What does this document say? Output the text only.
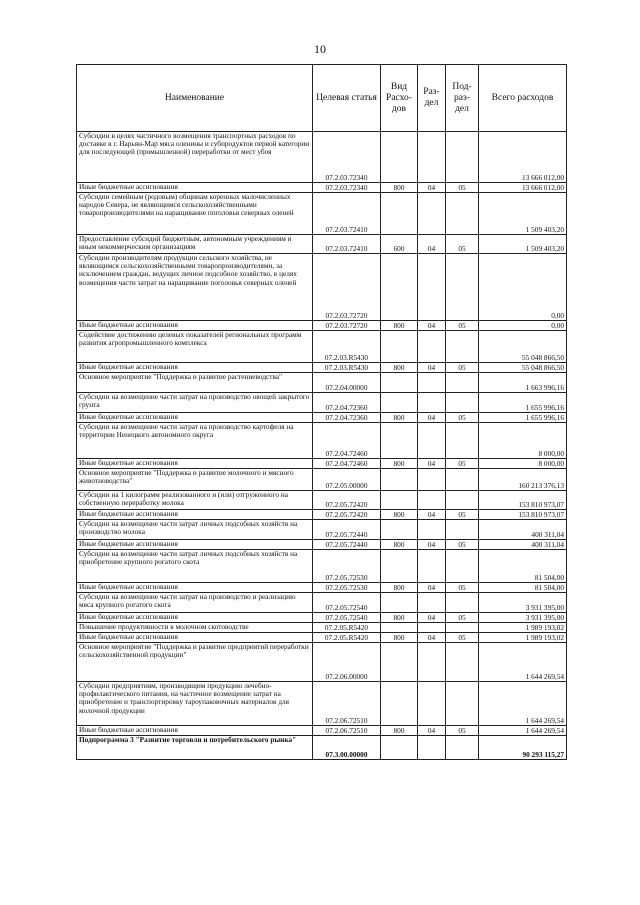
10
Наименование	Целевая статья	Вид Расхо- дов	Раз- дел	Под- раз- дел	Всего расходов
Субсидии в целях частичного возмещения транспортных расходов по доставке в г. Нарьян-Мар мяса оленины и субпродуктов первой категории для последующей (промышленной) переработки от мест убоя	07.2.03.72340				13 666 012,00
Иные бюджетные ассигнования	07.2.03.72340	800	04	05	13 666 012,00
Субсидии семейным (родовым) общинам коренных малочисленных народов Севера, не являющимся сельскохозяйственными товаропроизводителями на наращивание поголовья северных оленей	07.2.03.72410				1 509 403,20
Предоставление субсидий бюджетным, автономным учреждениям и иным некоммерческим организациям	07.2.03.72410	600	04	05	1 509 403,20
Субсидии производителям продукции сельского хозяйства, не являющимся сельскохозяйственными товаропроизводителями, за исключением граждан, ведущих личное подсобное хозяйство, в целях возмещения части затрат на наращивание поголовья северных оленей	07.2.03.72720				0,00
Иные бюджетные ассигнования	07.2.03.72720	800	04	05	0,00
Содействие достижению целевых показателей региональных программ развития агропромышленного комплекса	07.2.03.R5430				55 048 866,50
Иные бюджетные ассигнования	07.2.03.R5430	800	04	05	55 048 866,50
Основное мероприятие "Поддержка и развитие растениеводства"	07.2.04.00000				1 663 996,16
Субсидии на возмещение части затрат на производство овощей закрытого грунта	07.2.04.72360				1 655 996,16
Иные бюджетные ассигнования	07.2.04.72360	800	04	05	1 655 996,16
Субсидии на возмещение части затрат на производство картофеля на территории Ненецкого автономного округа	07.2.04.72460				8 000,00
Иные бюджетные ассигнования	07.2.04.72460	800	04	05	8 000,00
Основное мероприятие "Поддержка и развитие молочного и мясного животноводства"	07.2.05.00000				160 213 376,13
Субсидии на 1 килограмм реализованного и (или) отгруженного на собственную переработку молока	07.2.05.72420				153 810 973,07
Иные бюджетные ассигнования	07.2.05.72420	800	04	05	153 810 973,07
Субсидии на возмещение части затрат личных подсобных хозяйств на производство молока	07.2.05.72440				400 311,04
Иные бюджетные ассигнования	07.2.05.72440	800	04	05	400 311,04
Субсидии на возмещение части затрат личных подсобных хозяйств на приобретение крупного рогатого скота	07.2.05.72530				81 504,00
Иные бюджетные ассигнования	07.2.05.72530	800	04	05	81 504,00
Субсидии на возмещение части затрат на производство и реализацию мяса крупного рогатого скота	07.2.05.72540				3 931 395,00
Иные бюджетные ассигнования	07.2.05.72540	800	04	05	3 931 395,00
Повышение продуктивности в молочном скотоводстве	07.2.05.R5420				1 989 193,02
Иные бюджетные ассигнования	07.2.05.R5420	800	04	05	1 989 193,02
Основное мероприятие "Поддержка и развитие предприятий переработки сельскохозяйственной продукции"	07.2.06.00000				1 644 269,54
Субсидии предприятиям, производящим продукцию лечебно-профилактического питания, на частичное возмещение затрат на приобретение и транспортировку тароупаковочных материалов для молочной продукции	07.2.06.72510				1 644 269,54
Иные бюджетные ассигнования	07.2.06.72510	800	04	05	1 644 269,54
Подпрограмма 3 "Развитие торговли и потребительского рынка"	07.3.00.00000				90 293 115,27
